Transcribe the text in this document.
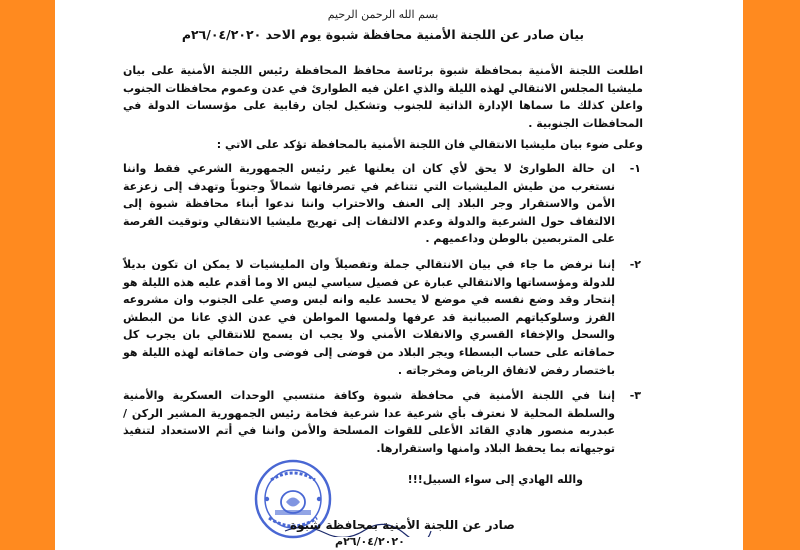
بسم الله الرحمن الرحيم
بيان صادر عن اللجنة الأمنية محافظة شبوة يوم الاحد ٢٦/٠٤/٢٠٢٠م

اطلعت اللجنة الأمنية بمحافظة شبوة برئاسة محافظ المحافظة رئيس اللجنة الأمنية على بيان مليشيا المجلس الانتقالي لهذه الليلة والذي اعلن فيه الطوارئ في عدن وعموم محافظات الجنوب واعلن كذلك ما سماها الإدارة الذاتية للجنوب وتشكيل لجان رقابية على مؤسسات الدولة في المحافظات الجنوبية .

وعلى ضوء بيان مليشيا الانتقالي فان اللجنة الأمنية بالمحافظة تؤكد على الاتي :

١-

ان حالة الطوارئ لا يحق لأي كان ان يعلنها غير رئيس الجمهورية الشرعي فقط واننا نستغرب من طيش المليشيات التي تتناغم في تصرفاتها شمالاً وجنوباً وتهدف إلى زعزعة الأمن والاستقرار وجر البلاد إلى العنف والاحتراب واننا ندعوا أبناء محافظة شبوة إلى الالتفاف حول الشرعية والدولة وعدم الالتفات إلى تهريج مليشيا الانتقالي وتوقيت الفرصة على المتربصين بالوطن وداعميهم .

٢-

إننا نرفض ما جاء في بيان الانتقالي جملة وتفصيلاً وان المليشيات لا يمكن ان تكون بديلاً للدولة ومؤسساتها والانتقالي عبارة عن فصيل سياسي ليس الا وما أقدم عليه هذه الليلة هو إنتحار وقد وضع نفسه في موضع لا يحسد عليه وانه ليس وصي على الجنوب وان مشروعه الفرز وسلوكياتهم الصبيانية قد عرفها ولمسها المواطن في عدن الذي عانا من البطش والسحل والإخفاء القسري والانفلات الأمني ولا يجب ان يسمح للانتقالي بان يجرب كل حماقاته على حساب البسطاء ويجر البلاد من فوضى إلى فوضى وان حماقاته لهذه الليلة هو باختصار رفض لاتفاق الرياض ومخرجاته .

٣-

إننا في اللجنة الأمنية في محافظة شبوة وكافة منتسبي الوحدات العسكرية والأمنية والسلطة المحلية لا نعترف بأي شرعية عدا شرعية فخامة رئيس الجمهورية المشير الركن / عبدربه منصور هادي القائد الأعلى للقوات المسلحة والأمن واننا في أتم الاستعداد لتنفيذ توجيهاته بما يحفظ البلاد وامنها واستقرارها.

والله الهادي إلى سواء السبيل!!!
صادر عن اللجنة الأمنية بمحافظة شبوة
٢٦/٠٤/٢٠٢٠م
